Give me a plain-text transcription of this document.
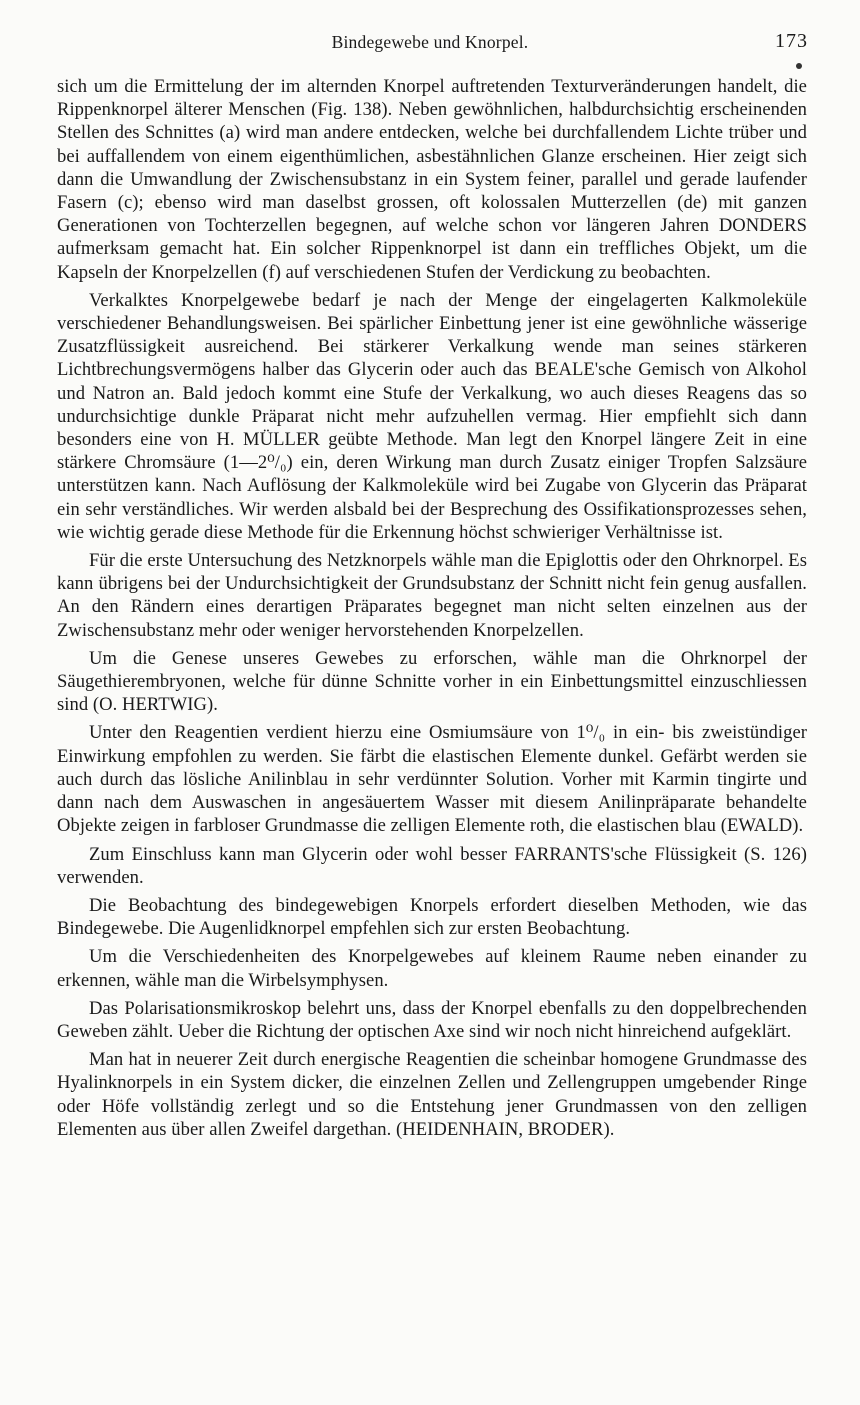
Bindegewebe und Knorpel.	173

sich um die Ermittelung der im alternden Knorpel auftretenden Texturveränderungen handelt, die Rippenknorpel älterer Menschen (Fig. 138). Neben gewöhnlichen, halbdurchsichtig erscheinenden Stellen des Schnittes (a) wird man andere entdecken, welche bei durchfallendem Lichte trüber und bei auffallendem von einem eigenthümlichen, asbestähnlichen Glanze erscheinen. Hier zeigt sich dann die Umwandlung der Zwischensubstanz in ein System feiner, parallel und gerade laufender Fasern (c); ebenso wird man daselbst grossen, oft kolossalen Mutterzellen (de) mit ganzen Generationen von Tochterzellen begegnen, auf welche schon vor längeren Jahren DONDERS aufmerksam gemacht hat. Ein solcher Rippenknorpel ist dann ein treffliches Objekt, um die Kapseln der Knorpelzellen (f) auf verschiedenen Stufen der Verdickung zu beobachten.

Verkalktes Knorpelgewebe bedarf je nach der Menge der eingelagerten Kalkmoleküle verschiedener Behandlungsweisen. Bei spärlicher Einbettung jener ist eine gewöhnliche wässerige Zusatzflüssigkeit ausreichend. Bei stärkerer Verkalkung wende man seines stärkeren Lichtbrechungsvermögens halber das Glycerin oder auch das BEALE'sche Gemisch von Alkohol und Natron an. Bald jedoch kommt eine Stufe der Verkalkung, wo auch dieses Reagens das so undurchsichtige dunkle Präparat nicht mehr aufzuhellen vermag. Hier empfiehlt sich dann besonders eine von H. MÜLLER geübte Methode. Man legt den Knorpel längere Zeit in eine stärkere Chromsäure (1—2⁰/₀) ein, deren Wirkung man durch Zusatz einiger Tropfen Salzsäure unterstützen kann. Nach Auflösung der Kalkmoleküle wird bei Zugabe von Glycerin das Präparat ein sehr verständliches. Wir werden alsbald bei der Besprechung des Ossifikationsprozesses sehen, wie wichtig gerade diese Methode für die Erkennung höchst schwieriger Verhältnisse ist.

Für die erste Untersuchung des Netzknorpels wähle man die Epiglottis oder den Ohrknorpel. Es kann übrigens bei der Undurchsichtigkeit der Grundsubstanz der Schnitt nicht fein genug ausfallen. An den Rändern eines derartigen Präparates begegnet man nicht selten einzelnen aus der Zwischensubstanz mehr oder weniger hervorstehenden Knorpelzellen.

Um die Genese unseres Gewebes zu erforschen, wähle man die Ohrknorpel der Säugethierembryonen, welche für dünne Schnitte vorher in ein Einbettungsmittel einzuschliessen sind (O. HERTWIG).

Unter den Reagentien verdient hierzu eine Osmiumsäure von 1⁰/₀ in ein- bis zweistündiger Einwirkung empfohlen zu werden. Sie färbt die elastischen Elemente dunkel. Gefärbt werden sie auch durch das lösliche Anilinblau in sehr verdünnter Solution. Vorher mit Karmin tingirte und dann nach dem Auswaschen in angesäuertem Wasser mit diesem Anilinpräparate behandelte Objekte zeigen in farbloser Grundmasse die zelligen Elemente roth, die elastischen blau (EWALD).

Zum Einschluss kann man Glycerin oder wohl besser FARRANTS'sche Flüssigkeit (S. 126) verwenden.

Die Beobachtung des bindegewebigen Knorpels erfordert dieselben Methoden, wie das Bindegewebe. Die Augenlidknorpel empfehlen sich zur ersten Beobachtung.

Um die Verschiedenheiten des Knorpelgewebes auf kleinem Raume neben einander zu erkennen, wähle man die Wirbelsymphysen.

Das Polarisationsmikroskop belehrt uns, dass der Knorpel ebenfalls zu den doppelbrechenden Geweben zählt. Ueber die Richtung der optischen Axe sind wir noch nicht hinreichend aufgeklärt.

Man hat in neuerer Zeit durch energische Reagentien die scheinbar homogene Grundmasse des Hyalinknorpels in ein System dicker, die einzelnen Zellen und Zellengruppen umgebender Ringe oder Höfe vollständig zerlegt und so die Entstehung jener Grundmassen von den zelligen Elementen aus über allen Zweifel dargethan. (HEIDENHAIN, BRODER).
